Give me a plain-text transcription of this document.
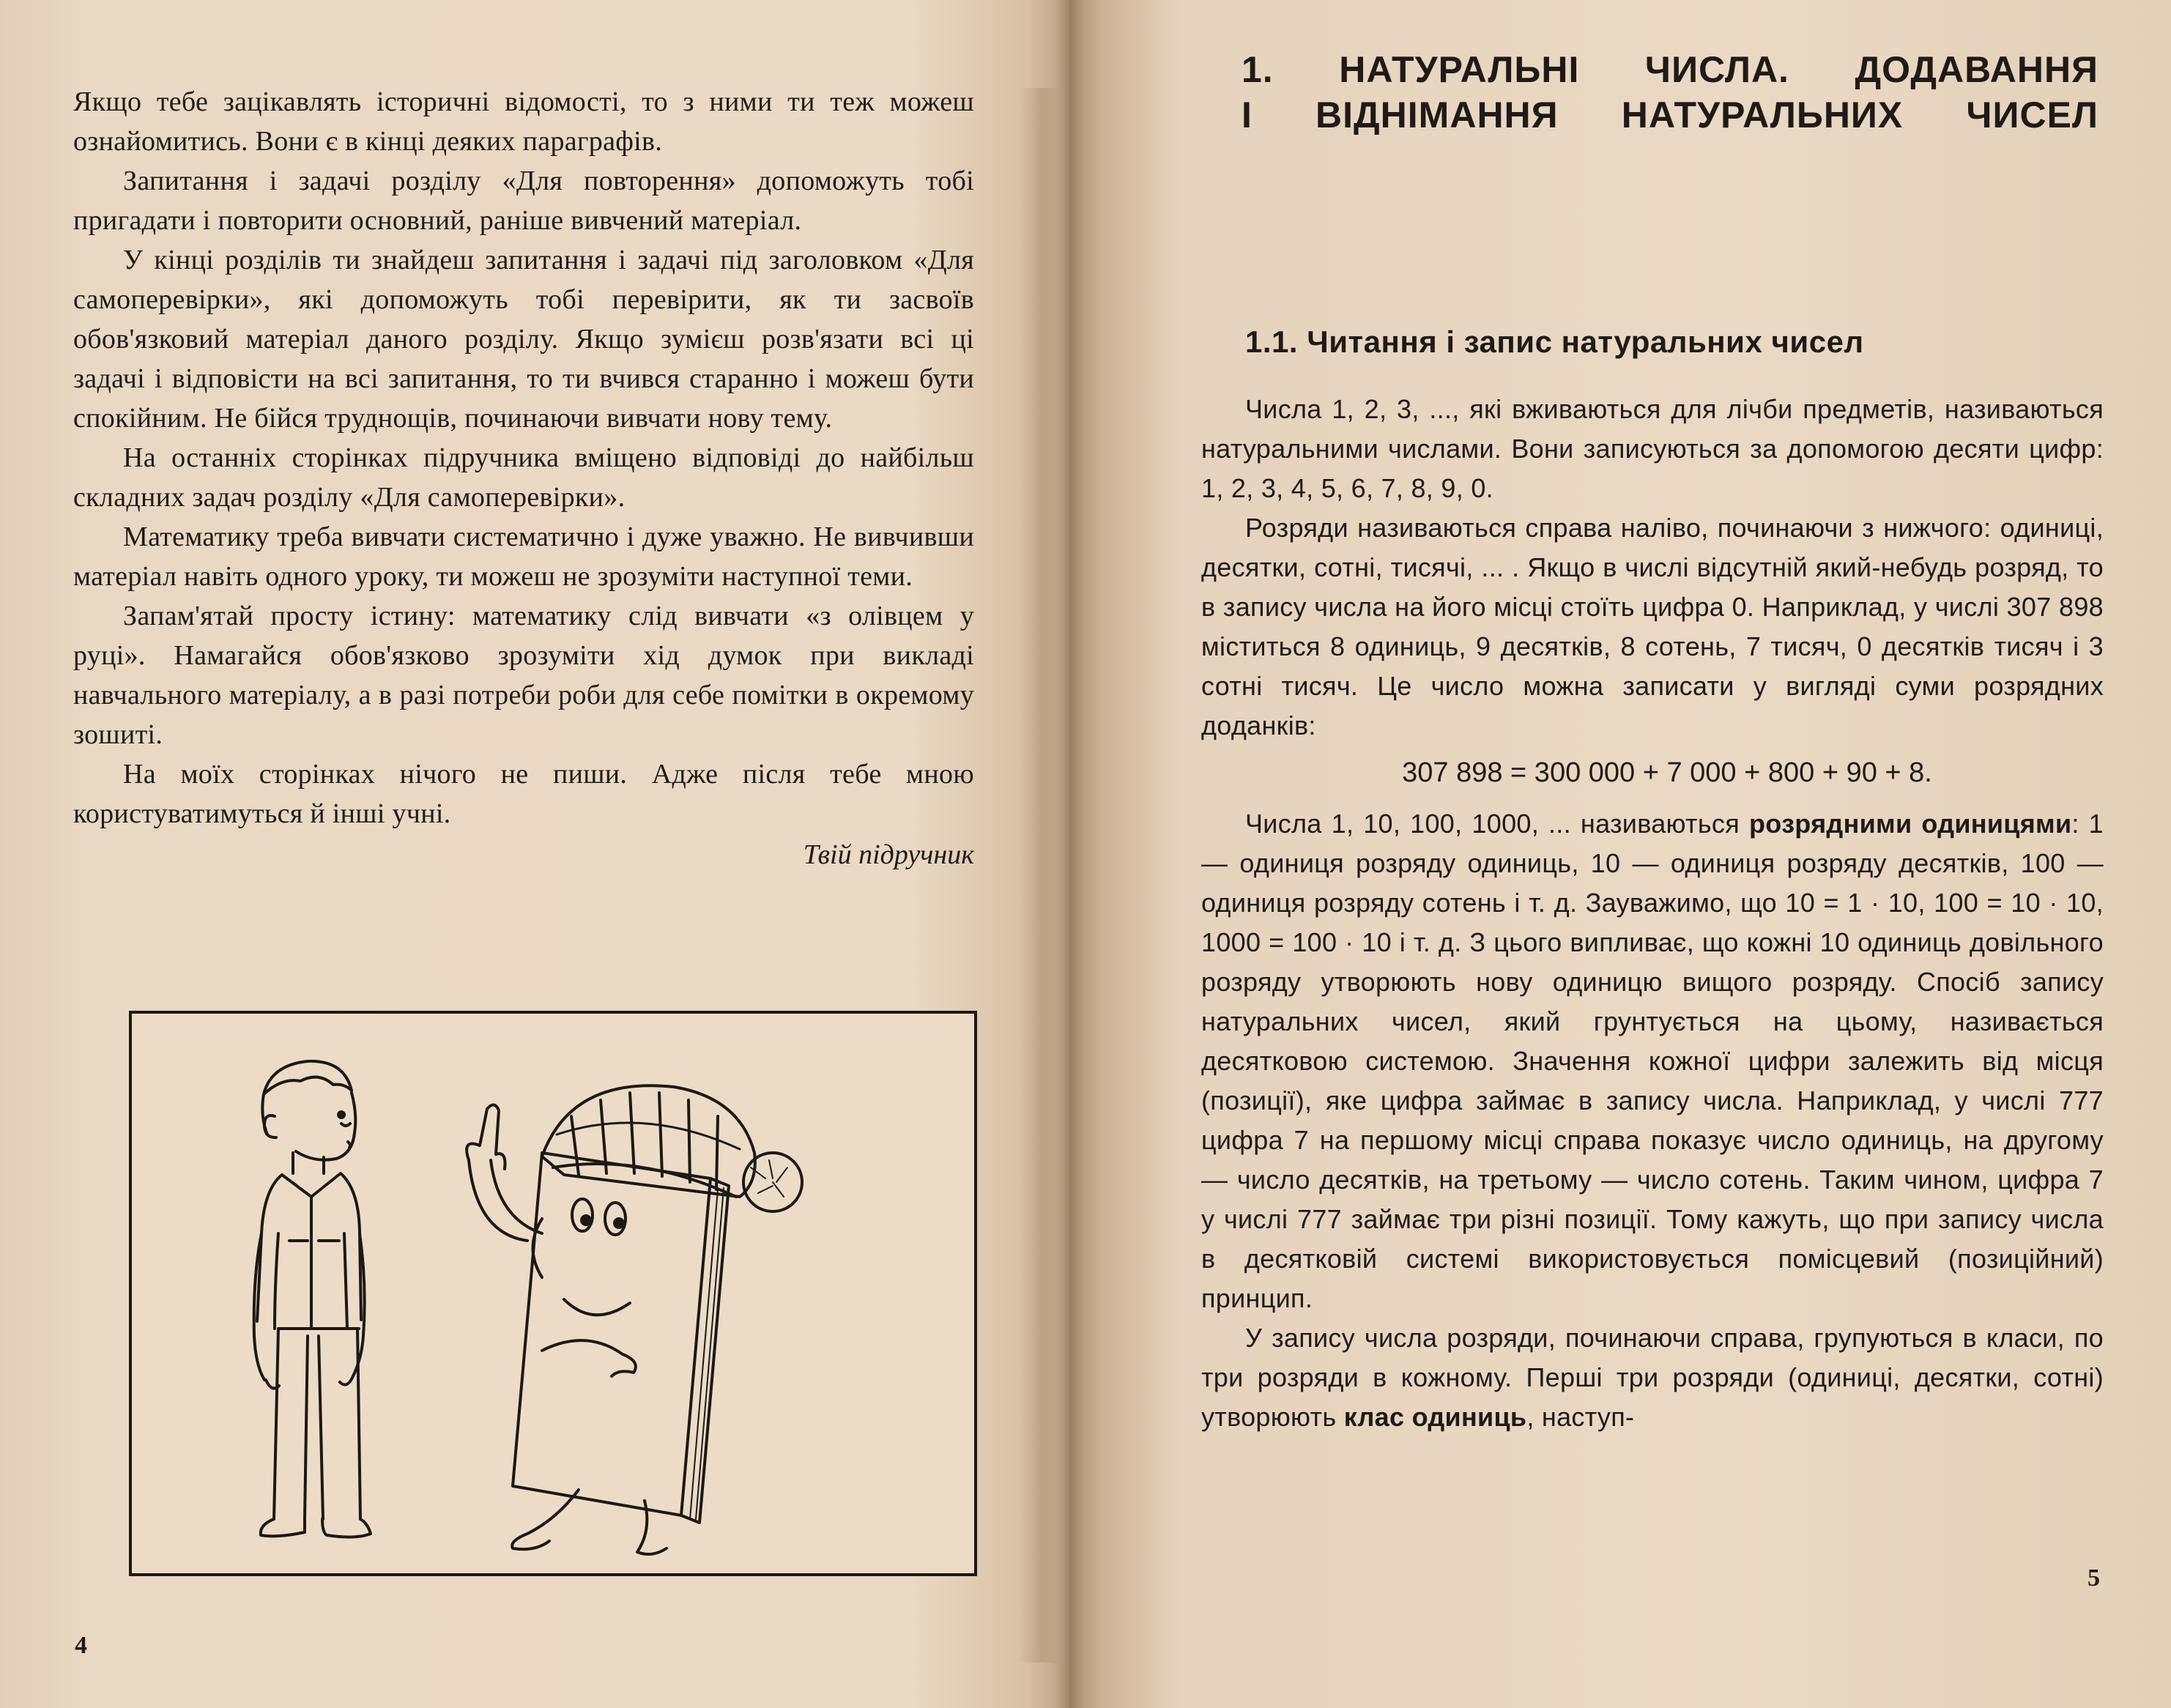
Якщо тебе зацікавлять історичні відомості, то з ними ти теж можеш ознайомитись. Вони є в кінці деяких параграфів.

Запитання і задачі розділу «Для повторення» допоможуть тобі пригадати і повторити основний, раніше вивчений матеріал.

У кінці розділів ти знайдеш запитання і задачі під заголовком «Для самоперевірки», які допоможуть тобі перевірити, як ти засвоїв обов'язковий матеріал даного розділу. Якщо зумієш розв'язати всі ці задачі і відповісти на всі запитання, то ти вчився старанно і можеш бути спокійним. Не бійся труднощів, починаючи вивчати нову тему.

На останніх сторінках підручника вміщено відповіді до найбільш складних задач розділу «Для самоперевірки».

Математику треба вивчати систематично і дуже уважно. Не вивчивши матеріал навіть одного уроку, ти можеш не зрозуміти наступної теми.

Запам'ятай просту істину: математику слід вивчати «з олівцем у руці». Намагайся обов'язково зрозуміти хід думок при викладі навчального матеріалу, а в разі потреби роби для себе помітки в окремому зошиті.

На моїх сторінках нічого не пиши. Адже після тебе мною користуватимуться й інші учні.

Твій підручник
4
1. НАТУРАЛЬНІ ЧИСЛА. ДОДАВАННЯ
І ВІДНІМАННЯ НАТУРАЛЬНИХ ЧИСЕЛ
1.1. Читання і запис натуральних чисел

Числа 1, 2, 3, ..., які вживаються для лічби предметів, називаються натуральними числами. Вони записуються за допомогою десяти цифр: 1, 2, 3, 4, 5, 6, 7, 8, 9, 0.

Розряди називаються справа наліво, починаючи з нижчого: одиниці, десятки, сотні, тисячі, ... . Якщо в числі відсутній який-небудь розряд, то в запису числа на його місці стоїть цифра 0. Наприклад, у числі 307 898 міститься 8 одиниць, 9 десятків, 8 сотень, 7 тисяч, 0 десятків тисяч і 3 сотні тисяч. Це число можна записати у вигляді суми розрядних доданків:

307 898 = 300 000 + 7 000 + 800 + 90 + 8.

Числа 1, 10, 100, 1000, ... називаються розрядними одиницями: 1 — одиниця розряду одиниць, 10 — одиниця розряду десятків, 100 — одиниця розряду сотень і т. д. Зауважимо, що 10 = 1 · 10, 100 = 10 · 10, 1000 = 100 · 10 і т. д. З цього випливає, що кожні 10 одиниць довільного розряду утворюють нову одиницю вищого розряду. Спосіб запису натуральних чисел, який грунтується на цьому, називається десятковою системою. Значення кожної цифри залежить від місця (позиції), яке цифра займає в запису числа. Наприклад, у числі 777 цифра 7 на першому місці справа показує число одиниць, на другому — число десятків, на третьому — число сотень. Таким чином, цифра 7 у числі 777 займає три різні позиції. Тому кажуть, що при запису числа в десятковій системі використовується помісцевий (позиційний) принцип.

У запису числа розряди, починаючи справа, групуються в класи, по три розряди в кожному. Перші три розряди (одиниці, десятки, сотні) утворюють клас одиниць, наступ-

5
